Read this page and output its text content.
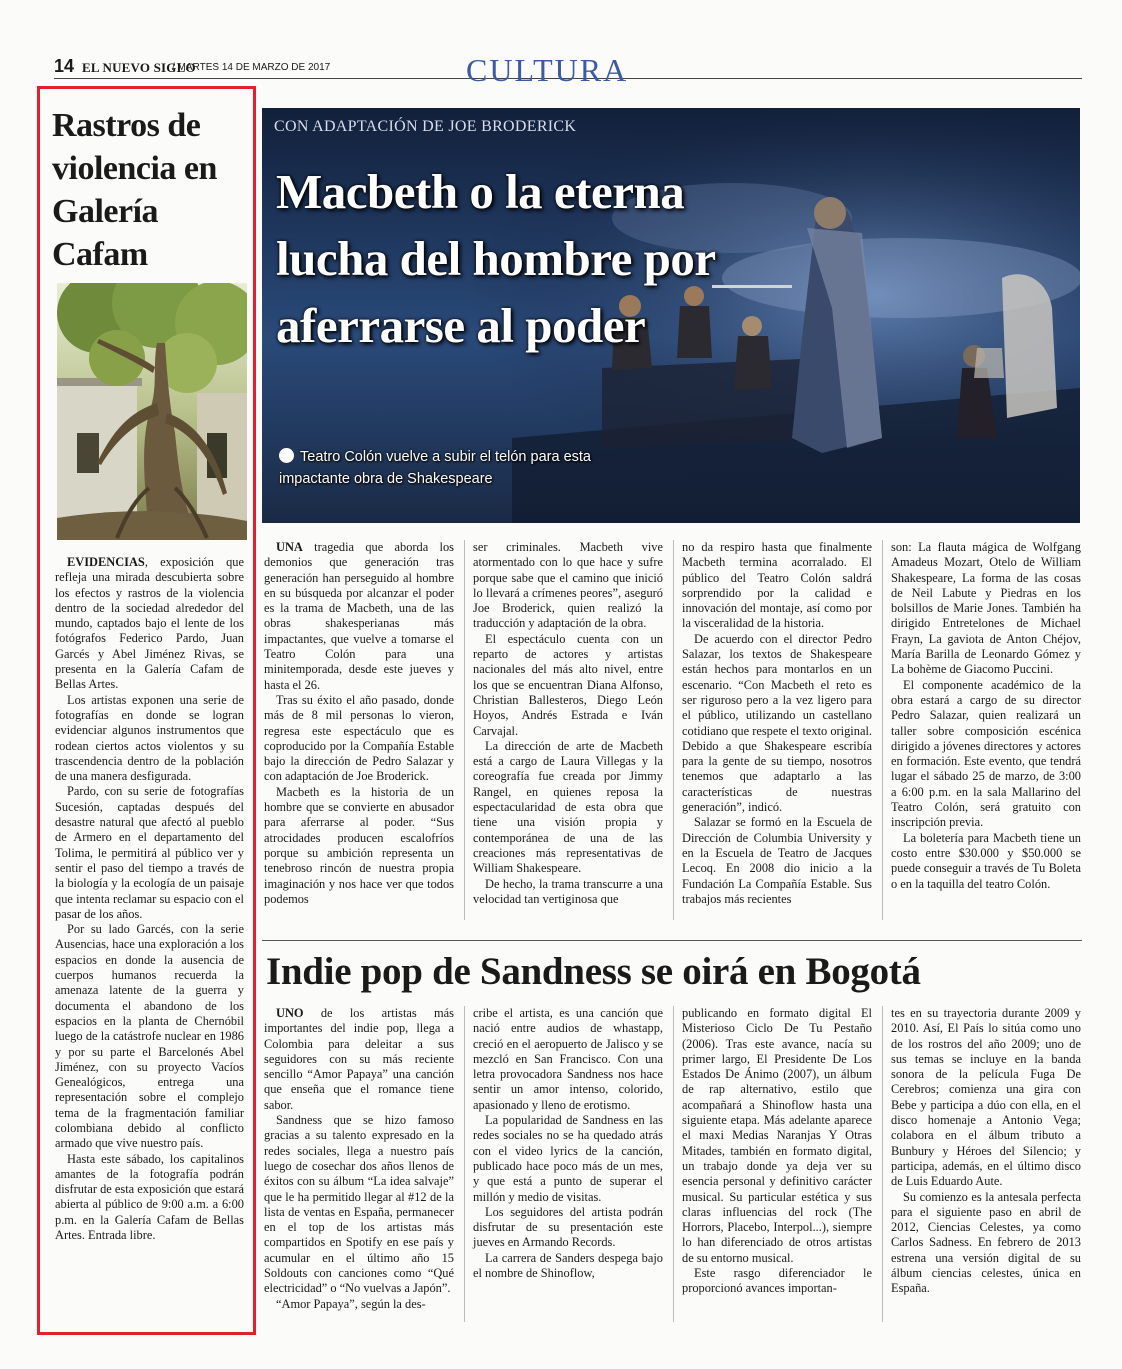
14 EL NUEVO SIGLO
/ MARTES 14 DE MARZO DE 2017	CULTURA
Rastros de violencia en Galería Cafam

EVIDENCIAS, exposición que refleja una mirada descubierta sobre los efectos y rastros de la violencia dentro de la sociedad alrededor del mundo, captados bajo el lente de los fotógrafos Federico Pardo, Juan Garcés y Abel Jiménez Rivas, se presenta en la Galería Cafam de Bellas Artes.

Los artistas exponen una serie de fotografías en donde se logran evidenciar algunos instrumentos que rodean ciertos actos violentos y su trascendencia dentro de la población de una manera desfigurada.

Pardo, con su serie de fotografías Sucesión, captadas después del desastre natural que afectó al pueblo de Armero en el departamento del Tolima, le permitirá al público ver y sentir el paso del tiempo a través de la biología y la ecología de un paisaje que intenta reclamar su espacio con el pasar de los años.

Por su lado Garcés, con la serie Ausencias, hace una exploración a los espacios en donde la ausencia de cuerpos humanos recuerda la amenaza latente de la guerra y documenta el abandono de los espacios en la planta de Chernóbil luego de la catástrofe nuclear en 1986 y por su parte el Barcelonés Abel Jiménez, con su proyecto Vacíos Genealógicos, entrega una representación sobre el complejo tema de la fragmentación familiar colombiana debido al conflicto armado que vive nuestro país.

Hasta este sábado, los capitalinos amantes de la fotografía podrán disfrutar de esta exposición que estará abierta al público de 9:00 a.m. a 6:00 p.m. en la Galería Cafam de Bellas Artes. Entrada libre.

CON ADAPTACIÓN DE JOE BRODERICK
Macbeth o la eterna lucha del hombre por aferrarse al poder
Teatro Colón vuelve a subir el telón para esta impactante obra de Shakespeare

UNA tragedia que aborda los demonios que generación tras generación han perseguido al hombre en su búsqueda por alcanzar el poder es la trama de Macbeth, una de las obras shakesperianas más impactantes, que vuelve a tomarse el Teatro Colón para una minitemporada, desde este jueves y hasta el 26.

Tras su éxito el año pasado, donde más de 8 mil personas lo vieron, regresa este espectáculo que es coproducido por la Compañía Estable bajo la dirección de Pedro Salazar y con adaptación de Joe Broderick.

Macbeth es la historia de un hombre que se convierte en abusador para aferrarse al poder. “Sus atrocidades producen escalofríos porque su ambición representa un tenebroso rincón de nuestra propia imaginación y nos hace ver que todos podemos

ser criminales. Macbeth vive atormentado con lo que hace y sufre porque sabe que el camino que inició lo llevará a crímenes peores”, aseguró Joe Broderick, quien realizó la traducción y adaptación de la obra.

El espectáculo cuenta con un reparto de actores y artistas nacionales del más alto nivel, entre los que se encuentran Diana Alfonso, Christian Ballesteros, Diego León Hoyos, Andrés Estrada e Iván Carvajal.

La dirección de arte de Macbeth está a cargo de Laura Villegas y la coreografía fue creada por Jimmy Rangel, en quienes reposa la espectacularidad de esta obra que tiene una visión propia y contemporánea de una de las creaciones más representativas de William Shakespeare.

De hecho, la trama transcurre a una velocidad tan vertiginosa que

no da respiro hasta que finalmente Macbeth termina acorralado. El público del Teatro Colón saldrá sorprendido por la calidad e innovación del montaje, así como por la visceralidad de la historia.

De acuerdo con el director Pedro Salazar, los textos de Shakespeare están hechos para montarlos en un escenario. “Con Macbeth el reto es ser riguroso pero a la vez ligero para el público, utilizando un castellano cotidiano que respete el texto original. Debido a que Shakespeare escribía para la gente de su tiempo, nosotros tenemos que adaptarlo a las características de nuestras generación”, indicó.

Salazar se formó en la Escuela de Dirección de Columbia University y en la Escuela de Teatro de Jacques Lecoq. En 2008 dio inicio a la Fundación La Compañía Estable. Sus trabajos más recientes

son: La flauta mágica de Wolfgang Amadeus Mozart, Otelo de William Shakespeare, La forma de las cosas de Neil Labute y Piedras en los bolsillos de Marie Jones. También ha dirigido Entretelones de Michael Frayn, La gaviota de Anton Chéjov, María Barilla de Leonardo Gómez y La bohème de Giacomo Puccini.

El componente académico de la obra estará a cargo de su director Pedro Salazar, quien realizará un taller sobre composición escénica dirigido a jóvenes directores y actores en formación. Este evento, que tendrá lugar el sábado 25 de marzo, de 3:00 a 6:00 p.m. en la sala Mallarino del Teatro Colón, será gratuito con inscripción previa.

La boletería para Macbeth tiene un costo entre $30.000 y $50.000 se puede conseguir a través de Tu Boleta o en la taquilla del teatro Colón.

Indie pop de Sandness se oirá en Bogotá

UNO de los artistas más importantes del indie pop, llega a Colombia para deleitar a sus seguidores con su más reciente sencillo “Amor Papaya” una canción que enseña que el romance tiene sabor.

Sandness que se hizo famoso gracias a su talento expresado en la redes sociales, llega a nuestro país luego de cosechar dos años llenos de éxitos con su álbum “La idea salvaje” que le ha permitido llegar al #12 de la lista de ventas en España, permanecer en el top de los artistas más compartidos en Spotify en ese país y acumular en el último año 15 Soldouts con canciones como “Qué electricidad” o “No vuelvas a Japón”.

“Amor Papaya”, según la des-

cribe el artista, es una canción que nació entre audios de whastapp, creció en el aeropuerto de Jalisco y se mezcló en San Francisco. Con una letra provocadora Sandness nos hace sentir un amor intenso, colorido, apasionado y lleno de erotismo.

La popularidad de Sandness en las redes sociales no se ha quedado atrás con el video lyrics de la canción, publicado hace poco más de un mes, y que está a punto de superar el millón y medio de visitas.

Los seguidores del artista podrán disfrutar de su presentación este jueves en Armando Records.

La carrera de Sanders despega bajo el nombre de Shinoflow,

publicando en formato digital El Misterioso Ciclo De Tu Pestaño (2006). Tras este avance, nacía su primer largo, El Presidente De Los Estados De Ánimo (2007), un álbum de rap alternativo, estilo que acompañará a Shinoflow hasta una siguiente etapa. Más adelante aparece el maxi Medias Naranjas Y Otras Mitades, también en formato digital, un trabajo donde ya deja ver su esencia personal y definitivo carácter musical. Su particular estética y sus claras influencias del rock (The Horrors, Placebo, Interpol...), siempre lo han diferenciado de otros artistas de su entorno musical.

Este rasgo diferenciador le proporcionó avances importan-

tes en su trayectoria durante 2009 y 2010. Así, El País lo sitúa como uno de los rostros del año 2009; uno de sus temas se incluye en la banda sonora de la película Fuga De Cerebros; comienza una gira con Bebe y participa a dúo con ella, en el disco homenaje a Antonio Vega; colabora en el álbum tributo a Bunbury y Héroes del Silencio; y participa, además, en el último disco de Luis Eduardo Aute.

Su comienzo es la antesala perfecta para el siguiente paso en abril de 2012, Ciencias Celestes, ya como Carlos Sadness. En febrero de 2013 estrena una versión digital de su álbum ciencias celestes, única en España.
